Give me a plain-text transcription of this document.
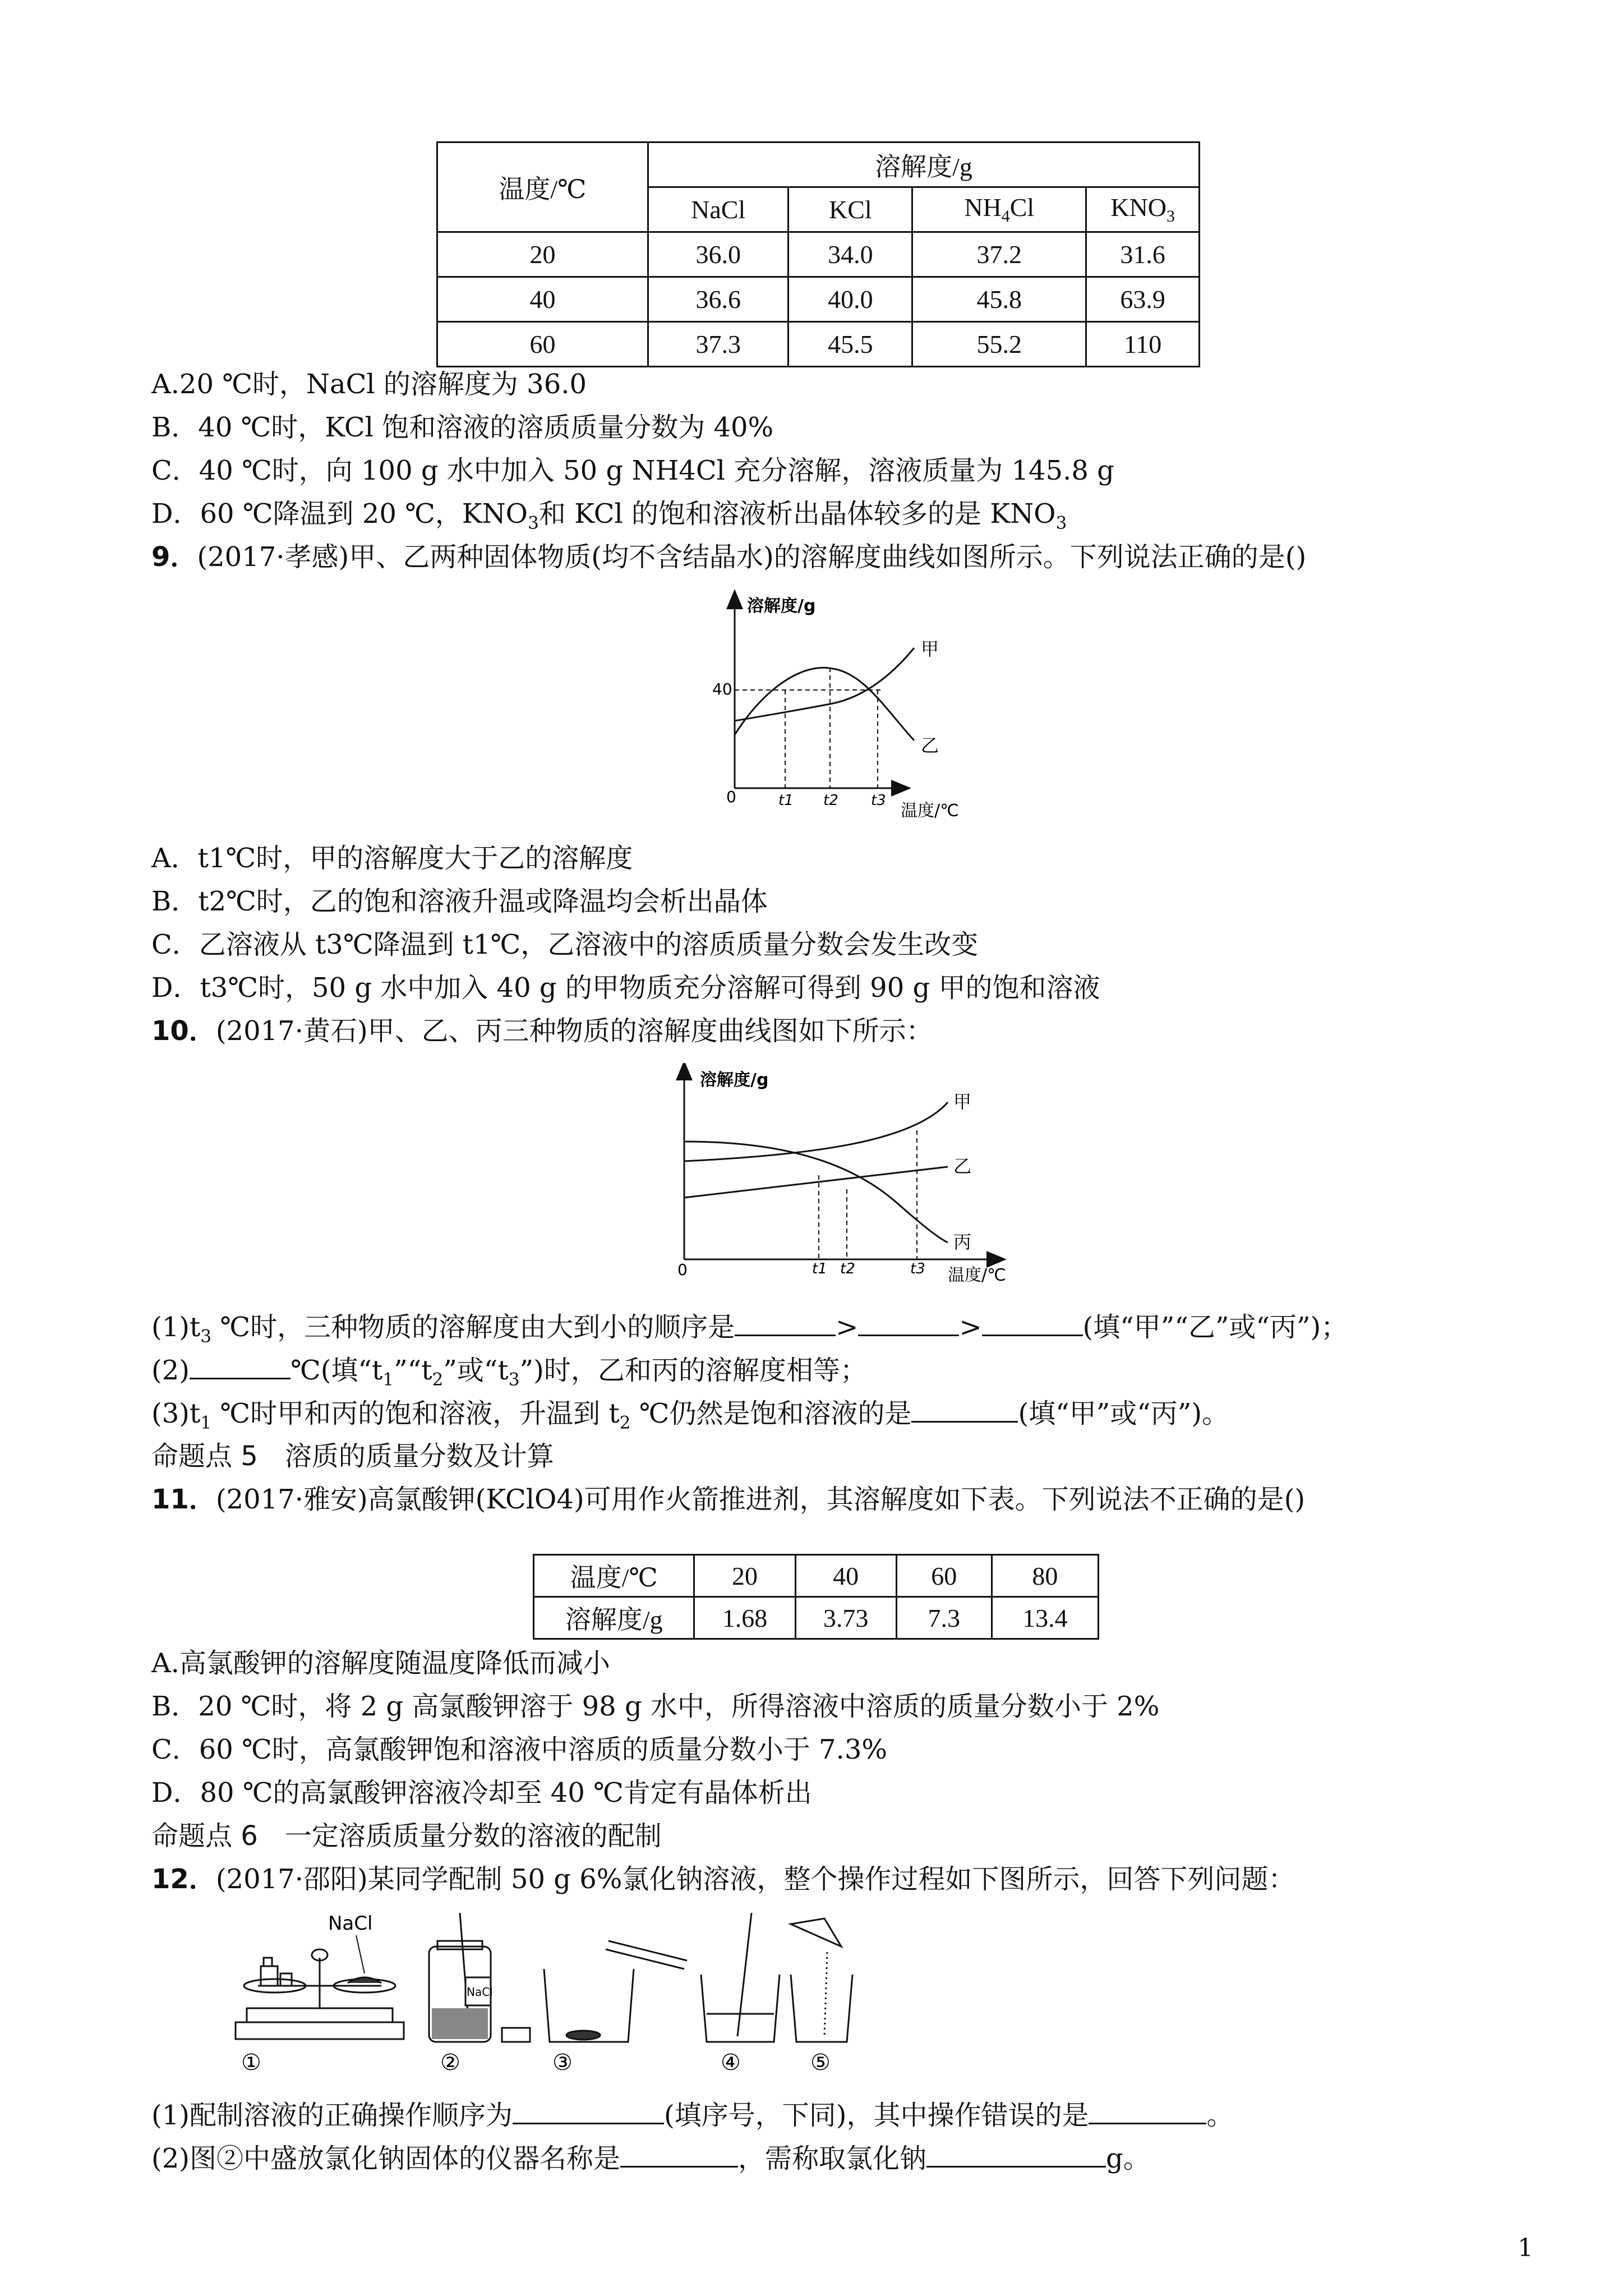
温度/℃	溶解度/g			
	NaCl	KCl	$NH_4Cl$	$KNO_3$
20	36.0	34.0	37.2	31.6
40	36.6	40.0	45.8	63.9
60	37.3	45.5	55.2	110
A.20 ℃时，NaCl 的溶解度为 36.0
B．40 ℃时，KCl 饱和溶液的溶质质量分数为 40%
C．40 ℃时，向 100 g 水中加入 50 g NH4Cl 充分溶解，溶液质量为 145.8 g
D．60 ℃降温到 20 ℃，$KNO_3$和 KCl 的饱和溶液析出晶体较多的是 $KNO_3$
9．(2017·孝感)甲、乙两种固体物质(均不含结晶水)的溶解度曲线如图所示。下列说法正确的是()
溶解度/g
温度/℃
0
40
甲
乙
t1 t2 t3
A．t1℃时，甲的溶解度大于乙的溶解度
B．t2℃时，乙的饱和溶液升温或降温均会析出晶体
C．乙溶液从 t3℃降温到 t1℃，乙溶液中的溶质质量分数会发生改变
D．t3℃时，50 g 水中加入 40 g 的甲物质充分溶解可得到 90 g 甲的饱和溶液
10．(2017·黄石)甲、乙、丙三种物质的溶解度曲线图如下所示：
溶解度/g
温度/℃
0
甲
乙
丙
t1 t2	t3
$(1)t_3$ ℃时，三种物质的溶解度由大到小的顺序是	>	>	(填“甲”“乙”或“丙”)；
(2)	℃(填“$t_1”“t_2$”或“$t_3$”)时，乙和丙的溶解度相等；
$(3)t_1$ ℃时甲和丙的饱和溶液，升温到 $t_2$ ℃仍然是饱和溶液的是	(填“甲”或“丙”)。
命题点 5　溶质的质量分数及计算
11．(2017·雅安)高氯酸钾(KClO4)可用作火箭推进剂，其溶解度如下表。下列说法不正确的是()
温度/℃	20	40	60	80
溶解度/g	1.68	3.73	7.3	13.4
A.高氯酸钾的溶解度随温度降低而减小
B．20 ℃时，将 2 g 高氯酸钾溶于 98 g 水中，所得溶液中溶质的质量分数小于 2%
C．60 ℃时，高氯酸钾饱和溶液中溶质的质量分数小于 7.3%
D．80 ℃的高氯酸钾溶液冷却至 40 ℃肯定有晶体析出
命题点 6　一定溶质质量分数的溶液的配制
12．(2017·邵阳)某同学配制 50 g 6%氯化钠溶液，整个操作过程如下图所示，回答下列问题：
NaCl
NaCl
①	②	③	④	⑤
(1)配制溶液的正确操作顺序为	(填序号，下同)，其中操作错误的是	。
(2)图②中盛放氯化钠固体的仪器名称是	，需称取氯化钠	g。
1
